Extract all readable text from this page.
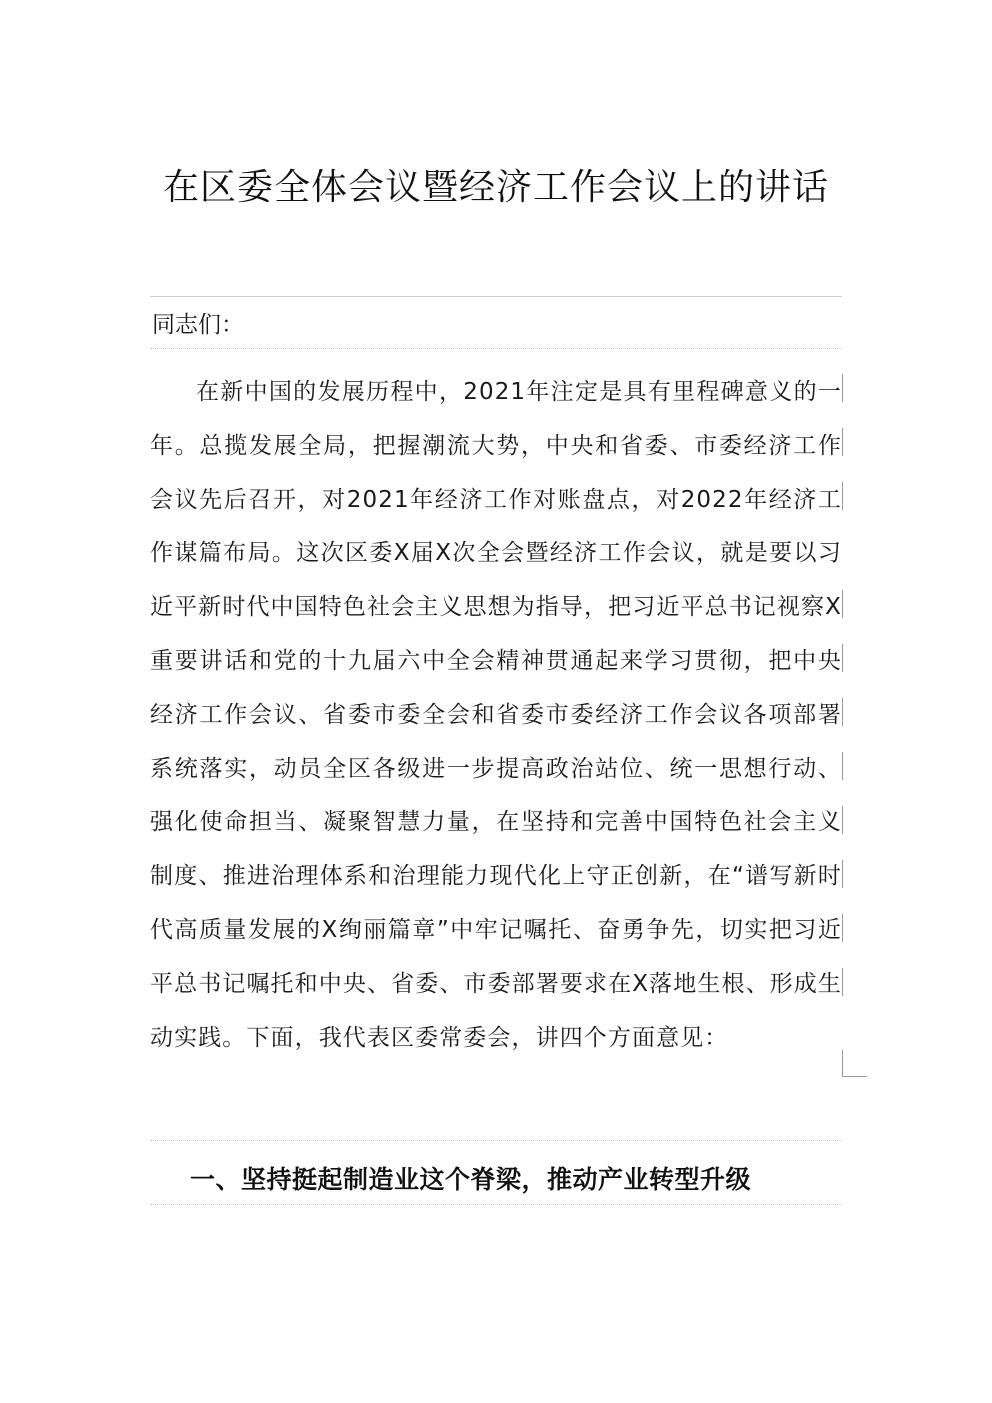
在区委全体会议暨经济工作会议上的讲话
同志们：

在新中国的发展历程中，2021年注定是具有里程碑意义的一年。总揽发展全局，把握潮流大势，中央和省委、市委经济工作会议先后召开，对2021年经济工作对账盘点，对2022年经济工作谋篇布局。这次区委X届X次全会暨经济工作会议，就是要以习近平新时代中国特色社会主义思想为指导，把习近平总书记视察X重要讲话和党的十九届六中全会精神贯通起来学习贯彻，把中央经济工作会议、省委市委全会和省委市委经济工作会议各项部署系统落实，动员全区各级进一步提高政治站位、统一思想行动、强化使命担当、凝聚智慧力量，在坚持和完善中国特色社会主义制度、推进治理体系和治理能力现代化上守正创新，在“谱写新时代高质量发展的X绚丽篇章”中牢记嘱托、奋勇争先，切实把习近平总书记嘱托和中央、省委、市委部署要求在X落地生根、形成生动实践。下面，我代表区委常委会，讲四个方面意见：

一、坚持挺起制造业这个脊梁，推动产业转型升级
